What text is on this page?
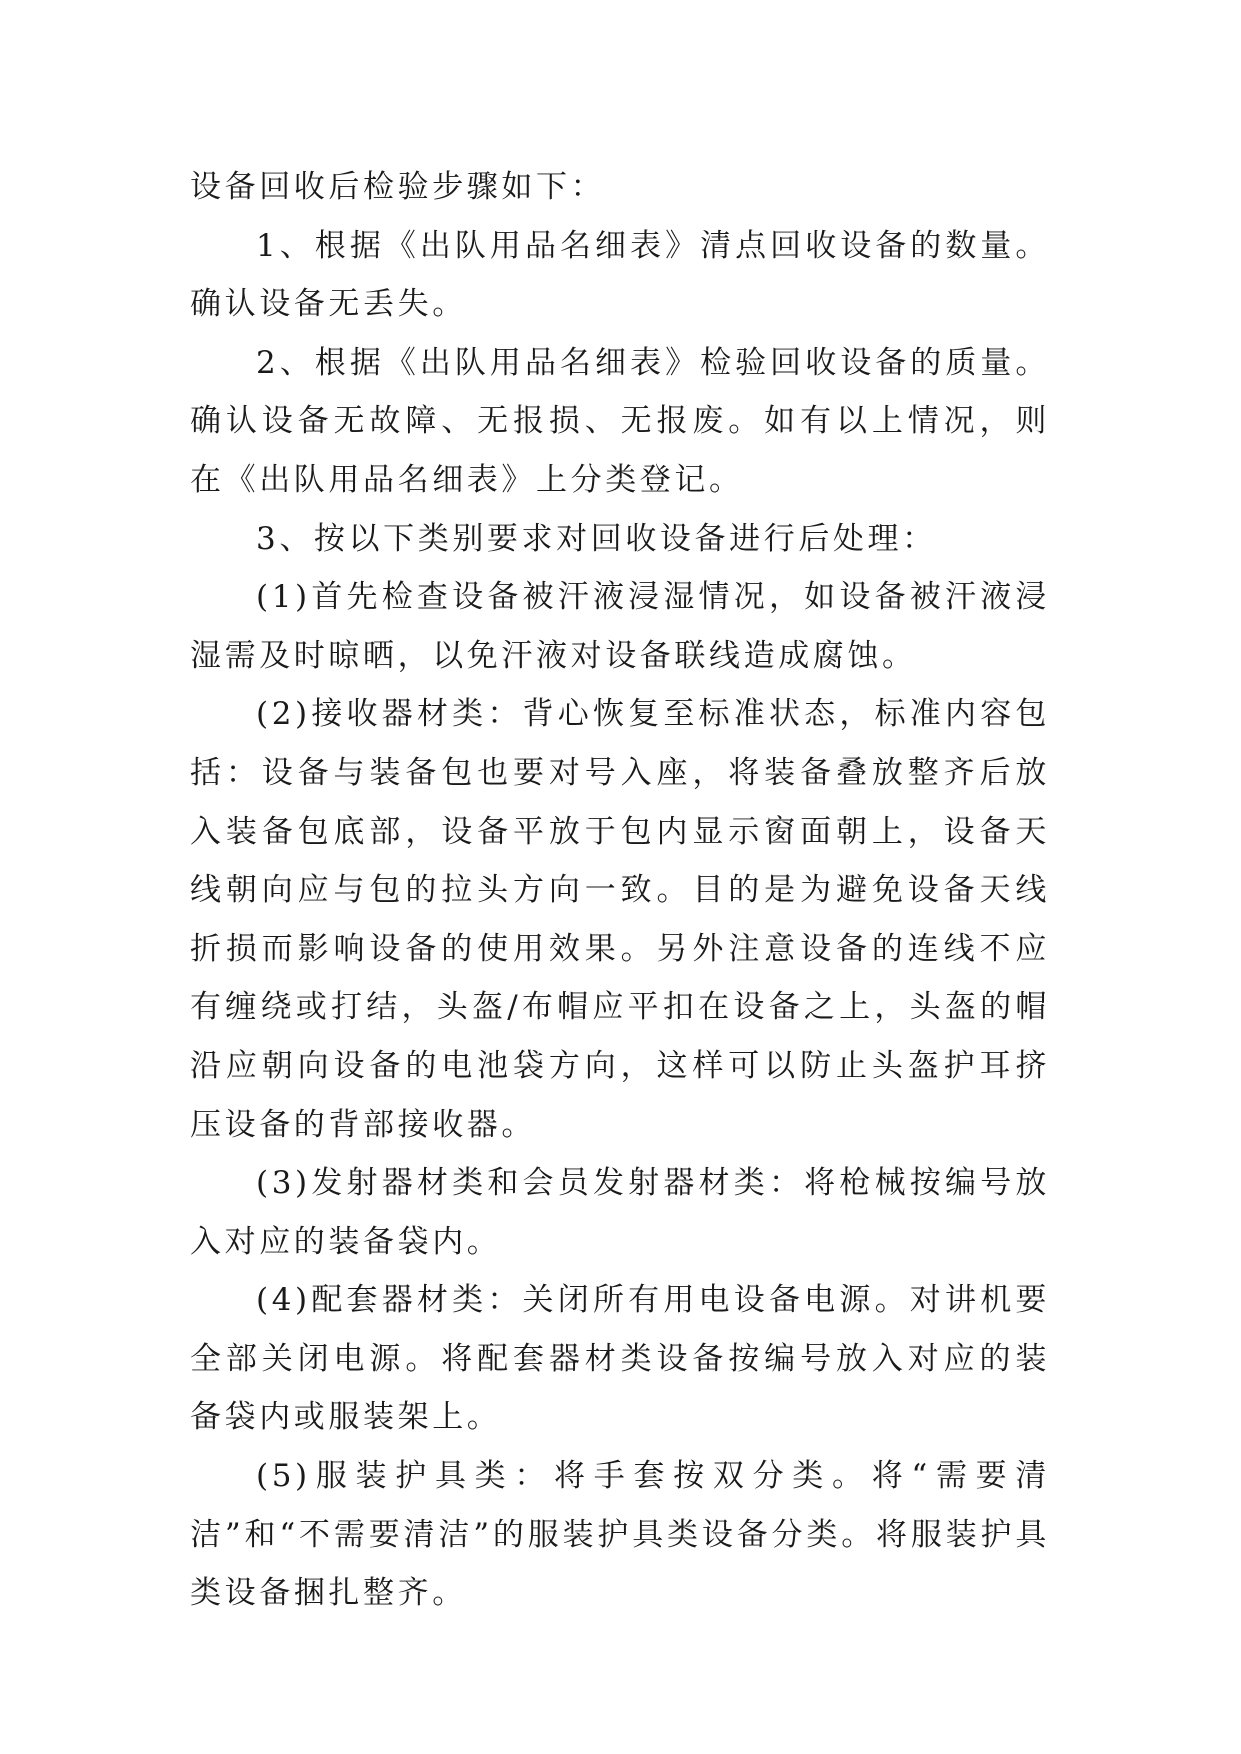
设备回收后检验步骤如下：

1、根据《出队用品名细表》清点回收设备的数量。确认设备无丢失。

2、根据《出队用品名细表》检验回收设备的质量。确认设备无故障、无报损、无报废。如有以上情况，则在《出队用品名细表》上分类登记。

3、按以下类别要求对回收设备进行后处理：

(1)首先检查设备被汗液浸湿情况，如设备被汗液浸湿需及时晾晒，以免汗液对设备联线造成腐蚀。

(2)接收器材类：背心恢复至标准状态，标准内容包括：设备与装备包也要对号入座，将装备叠放整齐后放入装备包底部，设备平放于包内显示窗面朝上，设备天线朝向应与包的拉头方向一致。目的是为避免设备天线折损而影响设备的使用效果。另外注意设备的连线不应有缠绕或打结，头盔/布帽应平扣在设备之上，头盔的帽沿应朝向设备的电池袋方向，这样可以防止头盔护耳挤压设备的背部接收器。

(3)发射器材类和会员发射器材类：将枪械按编号放入对应的装备袋内。

(4)配套器材类：关闭所有用电设备电源。对讲机要全部关闭电源。将配套器材类设备按编号放入对应的装备袋内或服装架上。

(5)服装护具类：将手套按双分类。将“需要清洁”和“不需要清洁”的服装护具类设备分类。将服装护具类设备捆扎整齐。
